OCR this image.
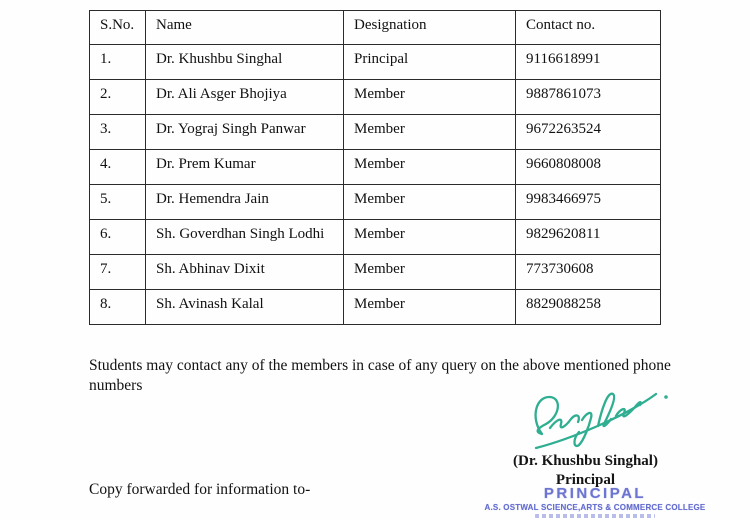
S.No.	Name	Designation	Contact no.
1.	Dr. Khushbu Singhal	Principal	9116618991
2.	Dr. Ali Asger Bhojiya	Member	9887861073
3.	Dr. Yograj Singh Panwar	Member	9672263524
4.	Dr. Prem Kumar	Member	9660808008
5.	Dr. Hemendra Jain	Member	9983466975
6.	Sh. Goverdhan Singh Lodhi	Member	9829620811
7.	Sh. Abhinav Dixit	Member	773730608
8.	Sh. Avinash Kalal	Member	8829088258

Students may contact any of the members in case of any query on the above mentioned phone numbers

(Dr. Khushbu Singhal)
Principal
PRINCIPAL
A.S. OSTWAL SCIENCE,ARTS & COMMERCE COLLEGE

Copy forwarded for information to-
